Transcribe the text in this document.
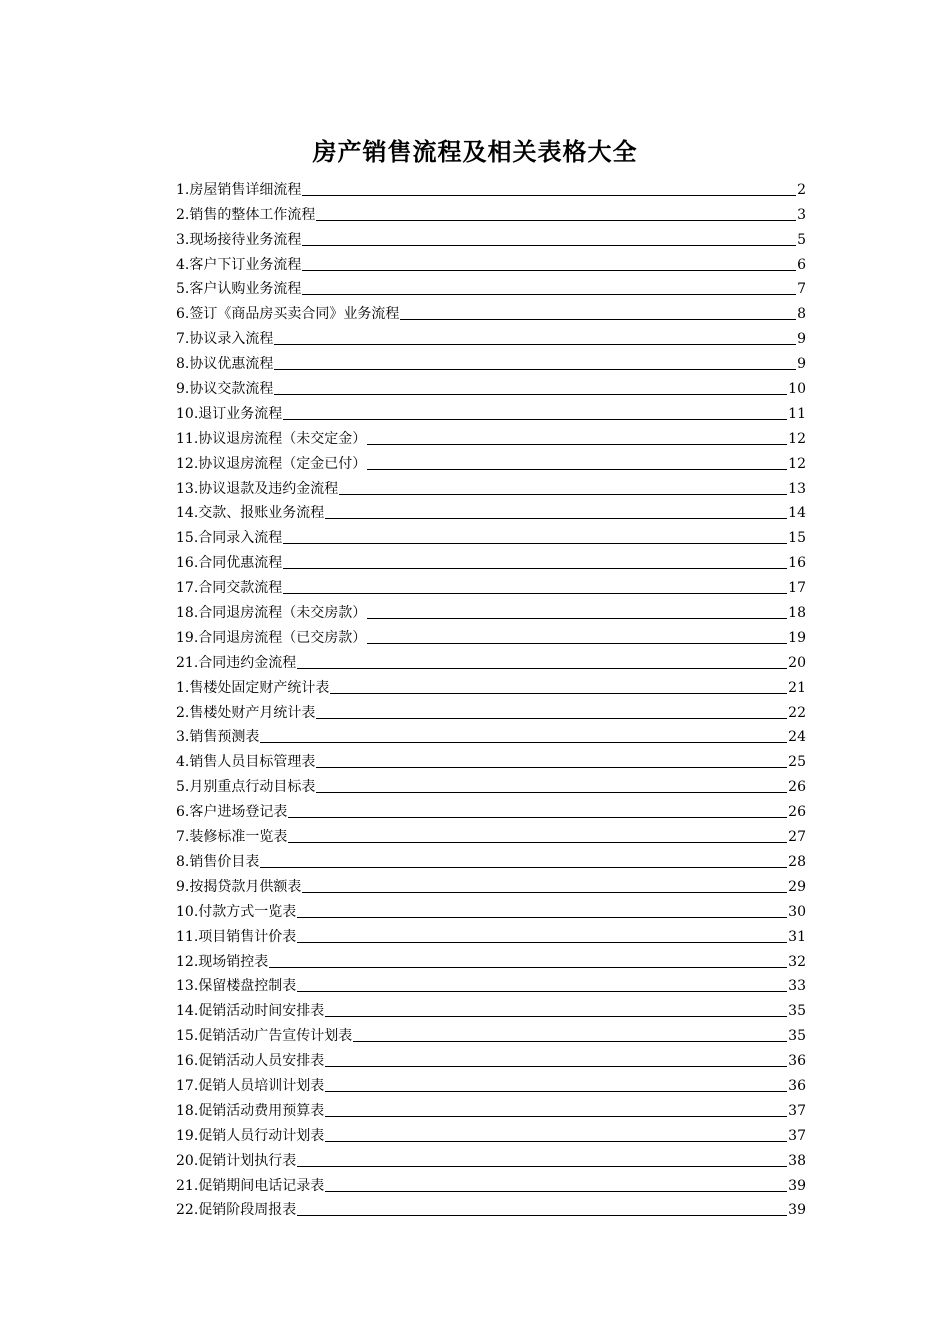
房产销售流程及相关表格大全
1.房屋销售详细流程	2
2.销售的整体工作流程	3
3.现场接待业务流程	5
4.客户下订业务流程	6
5.客户认购业务流程	7
6.签订《商品房买卖合同》业务流程	8
7.协议录入流程	9
8.协议优惠流程	9
9.协议交款流程	10
10.退订业务流程	11
11.协议退房流程（未交定金）	12
12.协议退房流程（定金已付）	12
13.协议退款及违约金流程	13
14.交款、报账业务流程	14
15.合同录入流程	15
16.合同优惠流程	16
17.合同交款流程	17
18.合同退房流程（未交房款）	18
19.合同退房流程（已交房款）	19
21.合同违约金流程	20
1.售楼处固定财产统计表	21
2.售楼处财产月统计表	22
3.销售预测表	24
4.销售人员目标管理表	25
5.月别重点行动目标表	26
6.客户进场登记表	26
7.装修标准一览表	27
8.销售价目表	28
9.按揭贷款月供额表	29
10.付款方式一览表	30
11.项目销售计价表	31
12.现场销控表	32
13.保留楼盘控制表	33
14.促销活动时间安排表	35
15.促销活动广告宣传计划表	35
16.促销活动人员安排表	36
17.促销人员培训计划表	36
18.促销活动费用预算表	37
19.促销人员行动计划表	37
20.促销计划执行表	38
21.促销期间电话记录表	39
22.促销阶段周报表	39
